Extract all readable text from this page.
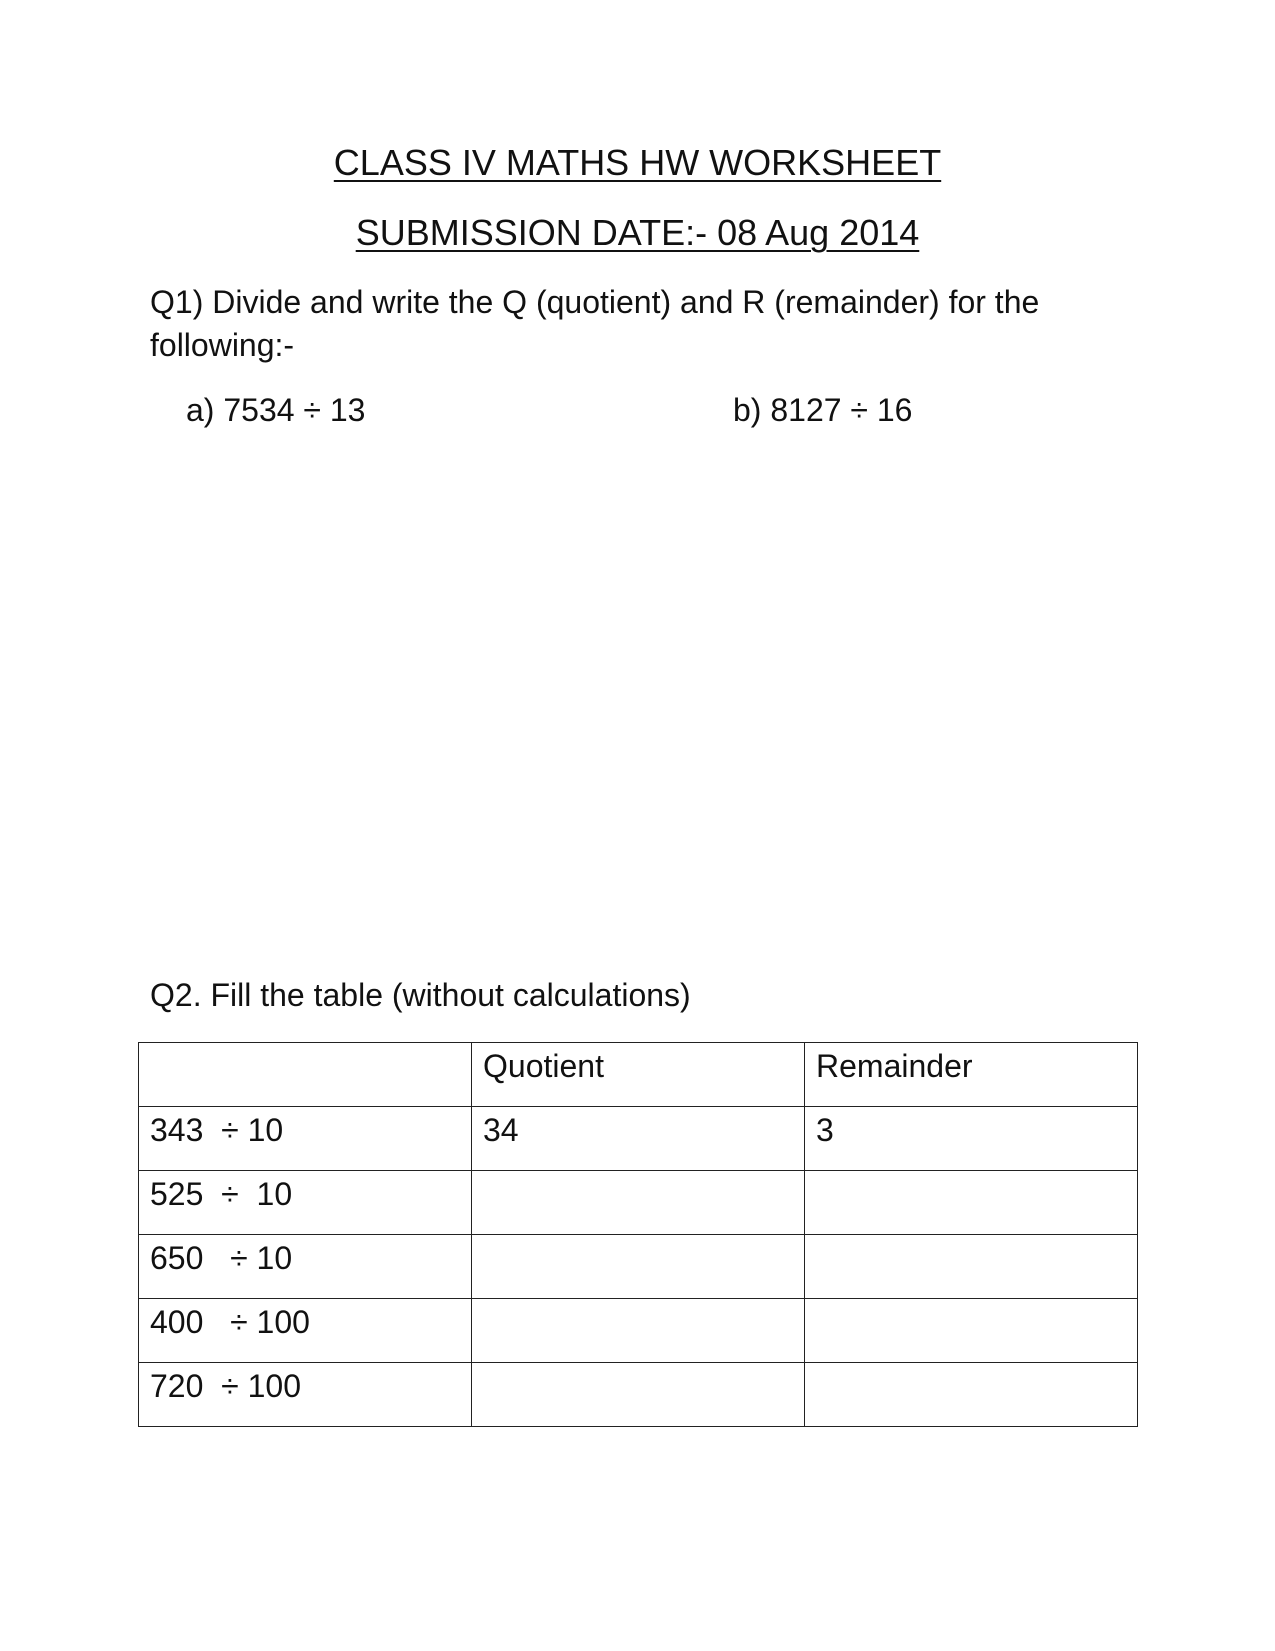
CLASS IV MATHS HW WORKSHEET
SUBMISSION DATE:- 08 Aug 2014

Q1) Divide and write the Q (quotient) and R (remainder) for the following:-

a) 7534 ÷ 13	b) 8127 ÷ 16

Q2. Fill the table (without calculations)

	Quotient	Remainder
343  ÷ 10	34	3
525  ÷  10		
650   ÷ 10		
400   ÷ 100		
720  ÷ 100		
